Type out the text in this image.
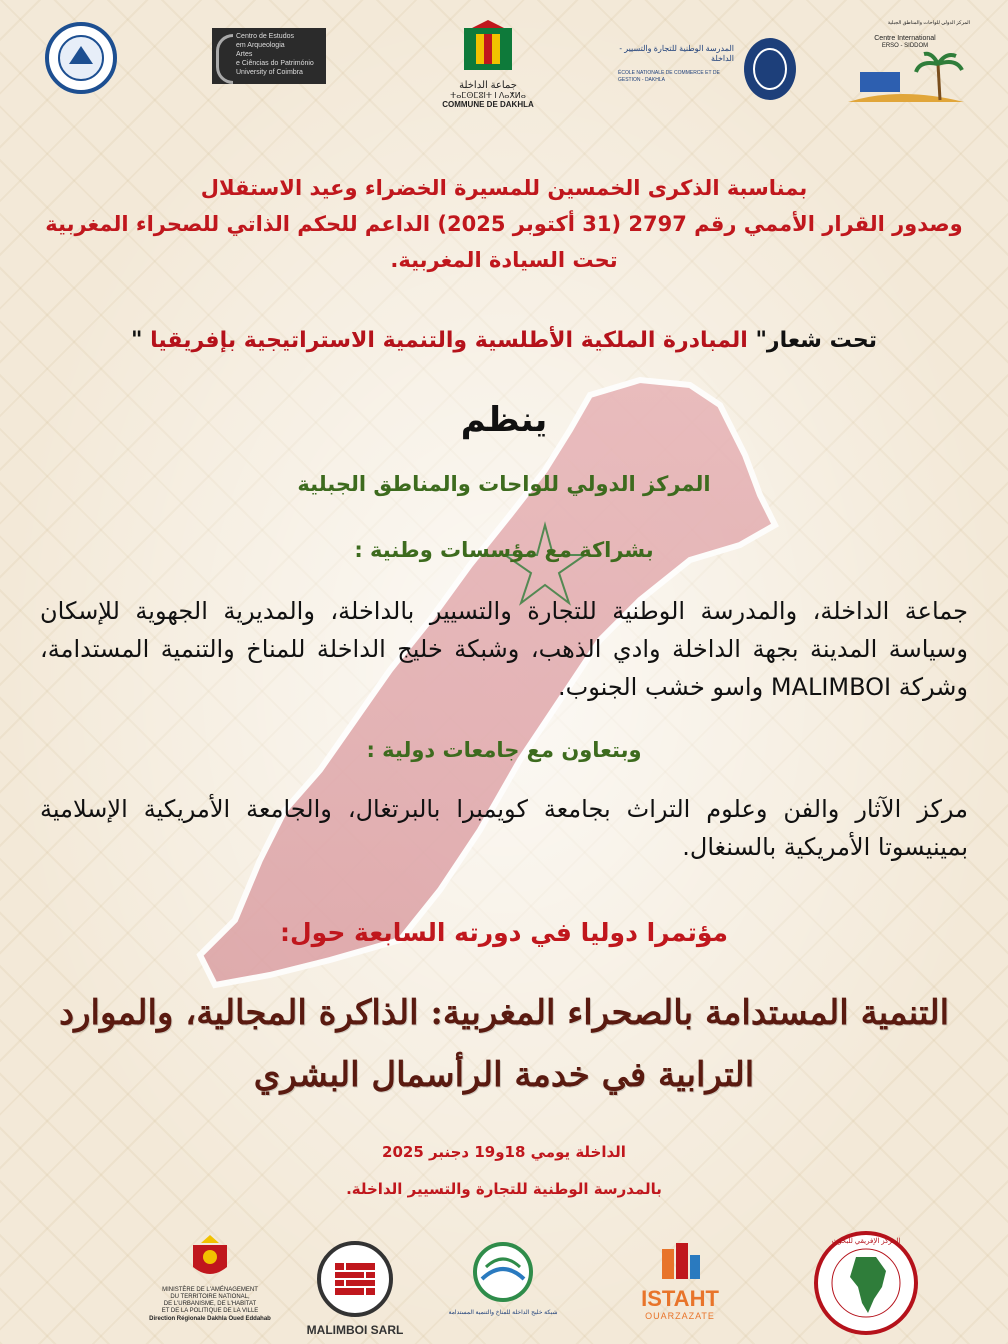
Centro de Estudos
em Arqueologia
Artes
e Ciências do Património
University of Coimbra
جماعة الداخلة
ⵜⴰⵎⵙⵎⵓⵏⵜ ⵏ ⴷⴰⵅⵍⴰ
COMMUNE DE DAKHLA
المدرسة الوطنية للتجارة والتسيير - الداخلة
ÉCOLE NATIONALE DE COMMERCE ET DE GESTION - DAKHLA
المركز الدولي للواحات والمناطق الجبلية
Centre International
ERSO - SIDDOM
بمناسبة الذكرى الخمسين للمسيرة الخضراء وعيد الاستقلال
وصدور القرار الأممي رقم 2797 (31 أكتوبر 2025) الداعم للحكم الذاتي للصحراء المغربية
تحت السيادة المغربية.
تحت شعار" المبادرة الملكية الأطلسية والتنمية الاستراتيجية بإفريقيا "
ينظم
المركز الدولي للواحات والمناطق الجبلية
بشراكة مع مؤسسات وطنية :
جماعة الداخلة، والمدرسة الوطنية للتجارة والتسيير بالداخلة، والمديرية الجهوية للإسكان وسياسة المدينة بجهة الداخلة وادي الذهب، وشبكة خليج الداخلة للمناخ والتنمية المستدامة، وشركة MALIMBOI واسو خشب الجنوب.
وبتعاون مع جامعات دولية :
مركز الآثار والفن وعلوم التراث بجامعة كويمبرا بالبرتغال، والجامعة الأمريكية الإسلامية بمينيسوتا الأمريكية بالسنغال.
مؤتمرا دوليا في دورته السابعة حول:
التنمية المستدامة بالصحراء المغربية: الذاكرة المجالية، والموارد
الترابية في خدمة الرأسمال البشري
الداخلة يومي 18و19 دجنبر 2025
بالمدرسة الوطنية للتجارة والتسيير الداخلة.
MINISTÈRE DE L'AMÉNAGEMENT
DU TERRITOIRE NATIONAL,
DE L'URBANISME, DE L'HABITAT
ET DE LA POLITIQUE DE LA VILLE
Direction Régionale Dakhla Oued Eddahab
MALIMBOI SARL
شبكة خليج الداخلة للمناخ والتنمية المستدامة
ISTAHT
OUARZAZATE
المركز الإفريقي للبحوث
